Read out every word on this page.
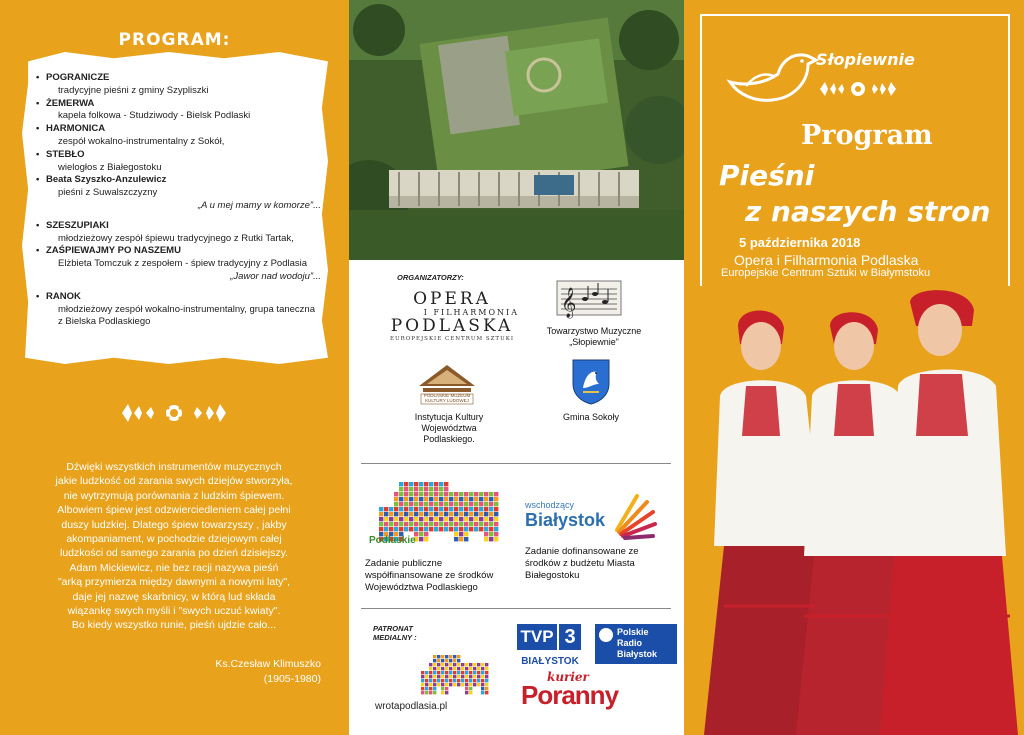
PROGRAM:
• POGRANICZE
tradycyjne pieśni z gminy Szypliszki
• ŻEMERWA
kapela folkowa - Studziwody - Bielsk Podlaski
• HARMONICA
zespół wokalno-instrumentalny z Sokół,
• STEBŁO
wielogłos z Białegostoku
• Beata Szyszko-Anzulewicz
pieśni z Suwalszczyzny
„A u mej mamy w komorze”...
• SZESZUPIAKI
młodzieżowy zespół śpiewu tradycyjnego z Rutki Tartak,
• ZAŚPIEWAJMY PO NASZEMU
Elżbieta Tomczuk z zespołem - śpiew tradycyjny z Podlasia
„Jawor nad wodoju”...
• RANOK
młodzieżowy zespół wokalno-instrumentalny, grupa taneczna z Bielska Podlaskiego

Dźwięki wszystkich instrumentów muzycznych

jakie ludzkość od zarania swych dziejów stworzyła,

nie wytrzymują porównania z ludzkim śpiewem.

Albowiem śpiew jest odzwierciedleniem całej pełni

duszy ludzkiej. Dlatego śpiew towarzyszy , jakby

akompaniament, w pochodzie dziejowym całej

ludzkości od samego zarania po dzień dzisiejszy.

Adam Mickiewicz, nie bez racji nazywa pieśń

"arką przymierza między dawnymi a nowymi laty",

daje jej nazwę skarbnicy, w którą lud składa

wiązankę swych myśli i "swych uczuć kwiaty".

Bo kiedy wszystko runie, pieśń ujdzie cało...

Ks.Czesław Klimuszko
(1905-1980)
ORGANIZATORZY:
OPERA
I FILHARMONIA
PODLASKA
EUROPEJSKIE CENTRUM SZTUKI
𝄞
Towarzystwo Muzyczne „Słopiewnie”
PODLASKIE MUZEUM KULTURY LUDOWEJ
Instytucja Kultury Województwa Podlaskiego.
Gmina Sokoły
Podlaskie
Zadanie publiczne współfinansowane ze środków Województwa Podlaskiego
wschodzący
Białystok
Zadanie dofinansowane ze środków z budżetu Miasta Białegostoku
PATRONAT MEDIALNY :	TVP 3
BIAŁYSTOK
Polskie Radio Białystok
wrotapodlasia.pl
kurier
Poranny
Słopiewnie
Program
Pieśni
z naszych stron
5 października 2018
Opera i Filharmonia Podlaska
Europejskie Centrum Sztuki w Białymstoku
